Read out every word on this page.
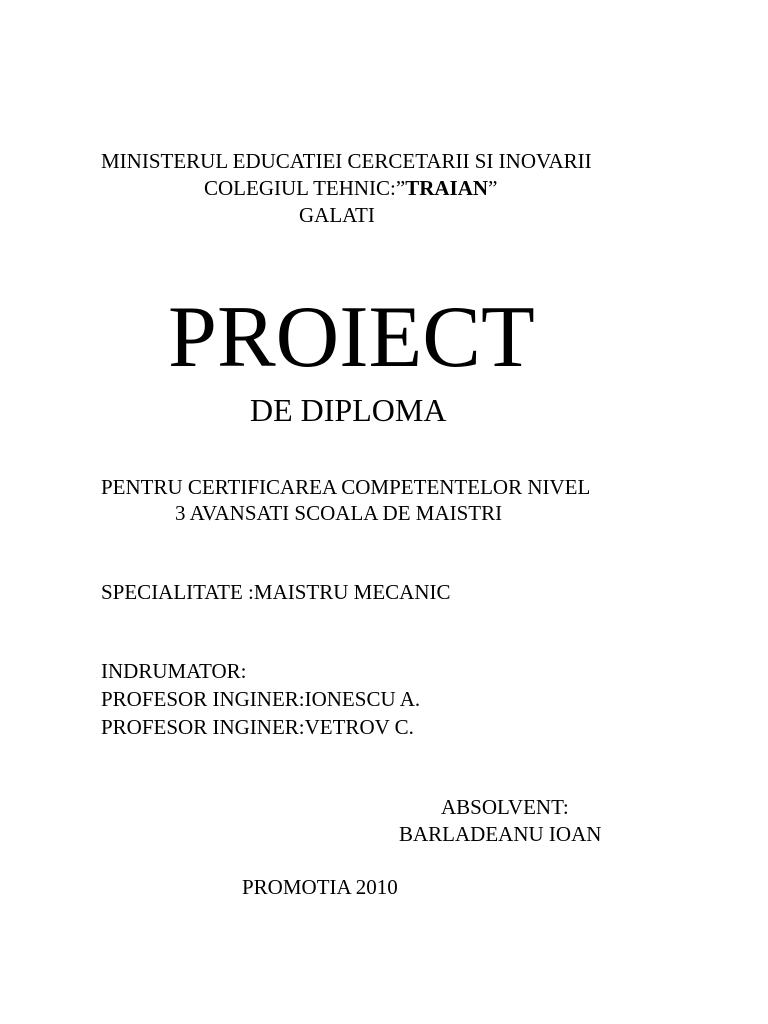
MINISTERUL EDUCATIEI CERCETARII SI INOVARII
COLEGIUL TEHNIC:”TRAIAN”
GALATI
PROIECT
DE DIPLOMA
PENTRU CERTIFICAREA COMPETENTELOR NIVEL
3 AVANSATI SCOALA DE MAISTRI
SPECIALITATE :MAISTRU MECANIC
INDRUMATOR:
PROFESOR INGINER:IONESCU A.
PROFESOR INGINER:VETROV C.
ABSOLVENT:
BARLADEANU IOAN
PROMOTIA 2010
